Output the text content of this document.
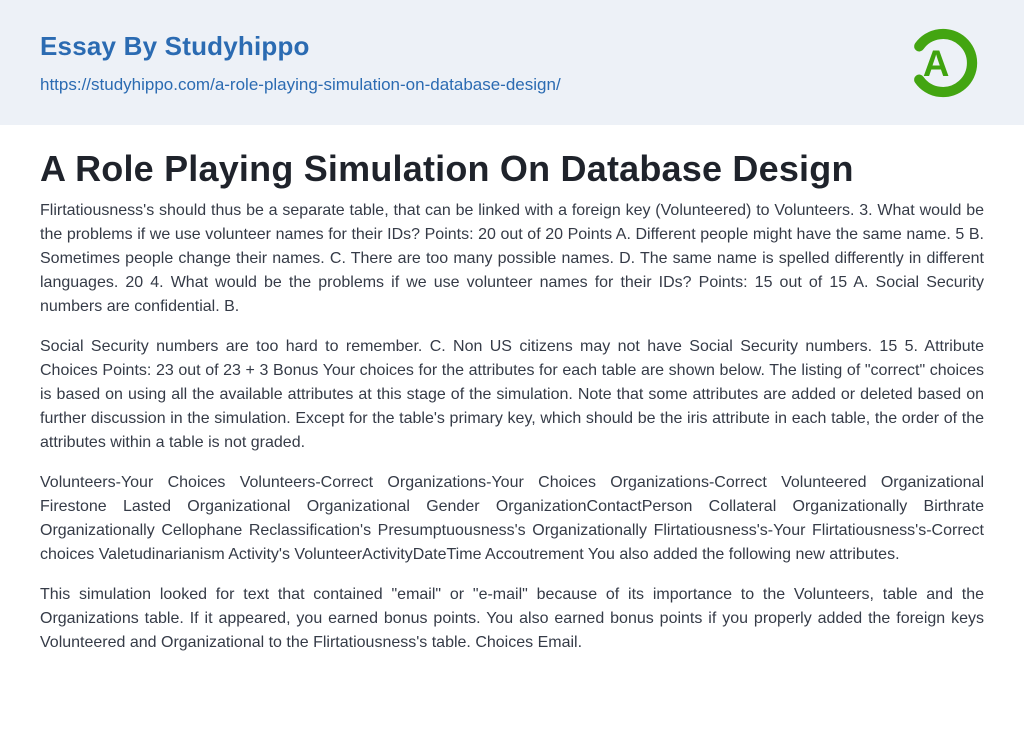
Essay By Studyhippo
https://studyhippo.com/a-role-playing-simulation-on-database-design/
A
A Role Playing Simulation On Database Design

Flirtatiousness's should thus be a separate table, that can be linked with a foreign key (Volunteered) to Volunteers. 3. What would be the problems if we use volunteer names for their IDs? Points: 20 out of 20 Points A. Different people might have the same name. 5 B. Sometimes people change their names. C. There are too many possible names. D. The same name is spelled differently in different languages. 20 4. What would be the problems if we use volunteer names for their IDs? Points: 15 out of 15 A. Social Security numbers are confidential. B.

Social Security numbers are too hard to remember. C. Non US citizens may not have Social Security numbers. 15 5. Attribute Choices Points: 23 out of 23 + 3 Bonus Your choices for the attributes for each table are shown below. The listing of "correct" choices is based on using all the available attributes at this stage of the simulation. Note that some attributes are added or deleted based on further discussion in the simulation. Except for the table's primary key, which should be the iris attribute in each table, the order of the attributes within a table is not graded.

Volunteers-Your Choices Volunteers-Correct Organizations-Your Choices Organizations-Correct Volunteered Organizational Firestone Lasted Organizational Organizational Gender OrganizationContactPerson Collateral Organizationally Birthrate Organizationally Cellophane Reclassification's Presumptuousness's Organizationally Flirtatiousness's-Your Flirtatiousness's-Correct choices Valetudinarianism Activity's VolunteerActivityDateTime Accoutrement You also added the following new attributes.

This simulation looked for text that contained "email" or "e-mail" because of its importance to the Volunteers, table and the Organizations table. If it appeared, you earned bonus points. You also earned bonus points if you properly added the foreign keys Volunteered and Organizational to the Flirtatiousness's table. Choices Email.
